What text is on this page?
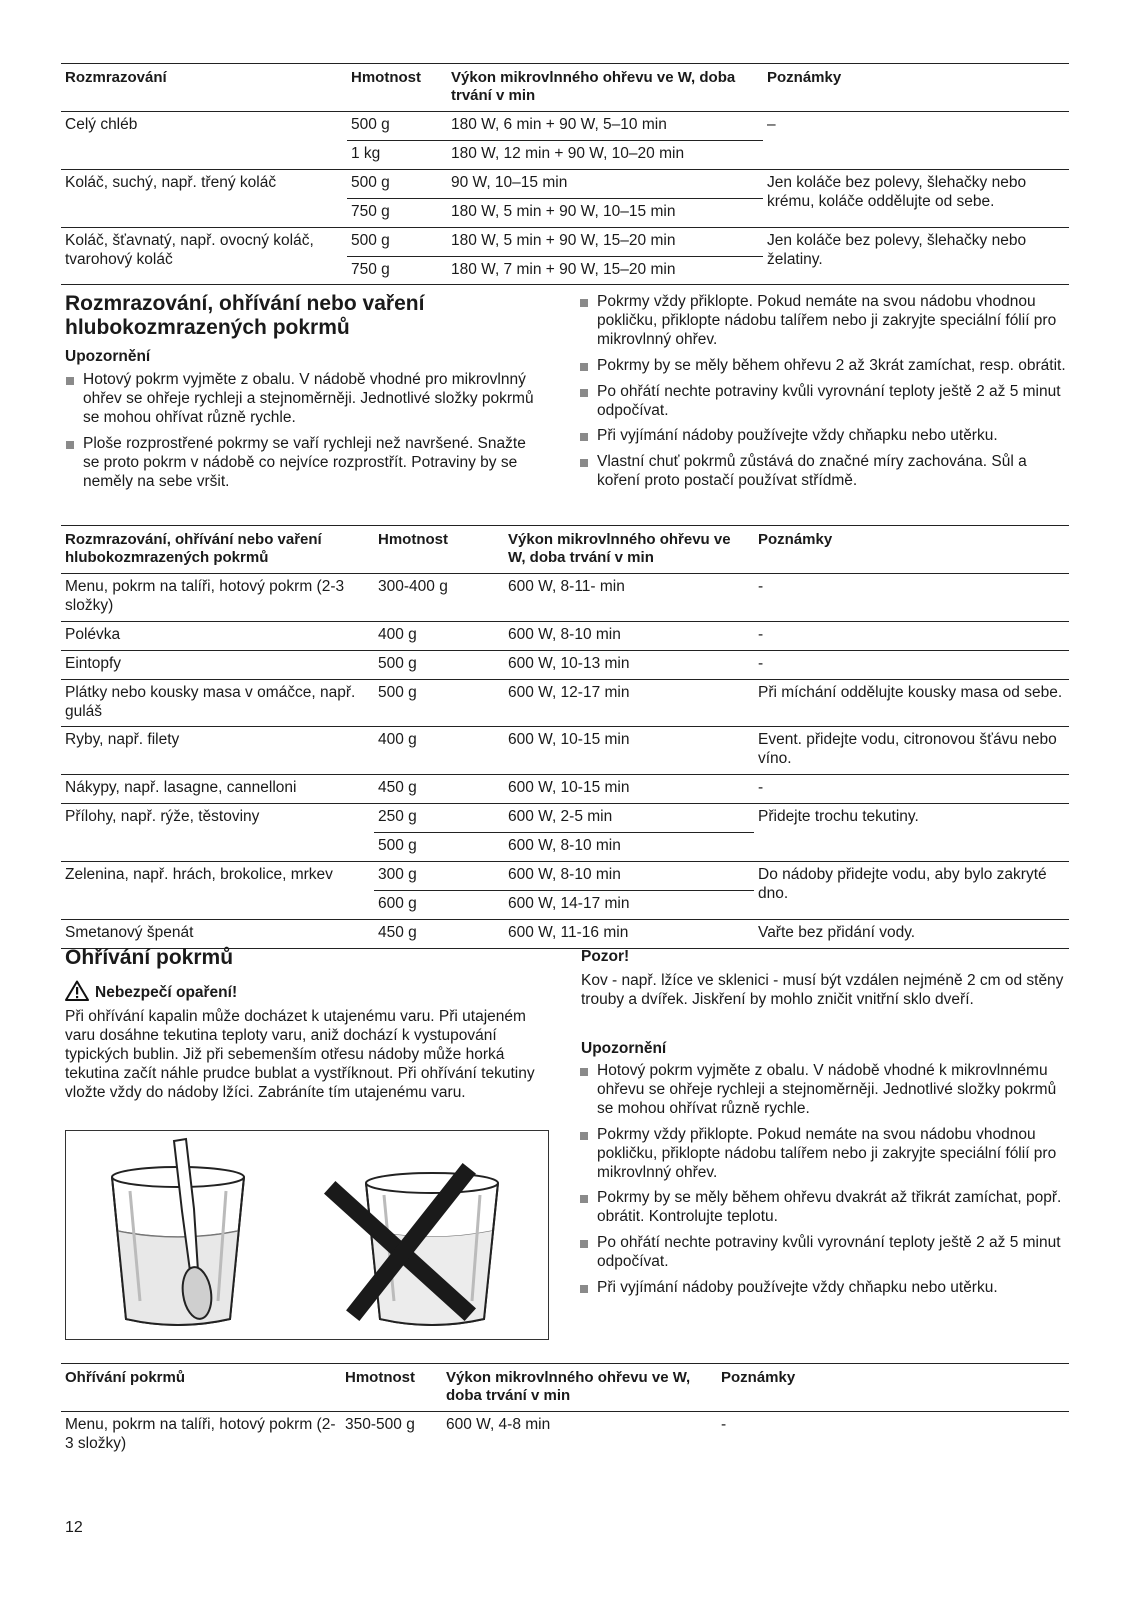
Rozmrazování	Hmotnost	Výkon mikrovlnného ohřevu ve W, doba trvání v min	Poznámky
Celý chléb	500 g	180 W, 6 min + 90 W, 5–10 min	–
	1 kg	180 W, 12 min + 90 W, 10–20 min	
Koláč, suchý, např. třený koláč	500 g	90 W, 10–15 min	Jen koláče bez polevy, šlehačky nebo krému, koláče oddělujte od sebe.
	750 g	180 W, 5 min + 90 W, 10–15 min	
Koláč, šťavnatý, např. ovocný koláč, tvarohový koláč	500 g	180 W, 5 min + 90 W, 15–20 min	Jen koláče bez polevy, šlehačky nebo želatiny.
	750 g	180 W, 7 min + 90 W, 15–20 min	
Rozmrazování, ohřívání nebo vaření hlubokozmrazených pokrmů
Upozornění
Hotový pokrm vyjměte z obalu. V nádobě vhodné pro mikrovlnný ohřev se ohřeje rychleji a stejnoměrněji. Jednotlivé složky pokrmů se mohou ohřívat různě rychle.
Ploše rozprostřené pokrmy se vaří rychleji než navršené. Snažte se proto pokrm v nádobě co nejvíce rozprostřít. Potraviny by se neměly na sebe vršit.
Pokrmy vždy přiklopte. Pokud nemáte na svou nádobu vhodnou pokličku, přiklopte nádobu talířem nebo ji zakryjte speciální fólií pro mikrovlnný ohřev.
Pokrmy by se měly během ohřevu 2 až 3krát zamíchat, resp. obrátit.
Po ohřátí nechte potraviny kvůli vyrovnání teploty ještě 2 až 5 minut odpočívat.
Při vyjímání nádoby používejte vždy chňapku nebo utěrku.
Vlastní chuť pokrmů zůstává do značné míry zachována. Sůl a koření proto postačí používat střídmě.
Rozmrazování, ohřívání nebo vaření hlubokozmrazených pokrmů	Hmotnost	Výkon mikrovlnného ohřevu ve W, doba trvání v min	Poznámky
Menu, pokrm na talíři, hotový pokrm (2-3 složky)	300-400 g	600 W, 8-11- min	-
Polévka	400 g	600 W, 8-10 min	-
Eintopfy	500 g	600 W, 10-13 min	-
Plátky nebo kousky masa v omáčce, např. guláš	500 g	600 W, 12-17 min	Při míchání oddělujte kousky masa od sebe.
Ryby, např. filety	400 g	600 W, 10-15 min	Event. přidejte vodu, citronovou šťávu nebo víno.
Nákypy, např. lasagne, cannelloni	450 g	600 W, 10-15 min	-
Přílohy, např. rýže, těstoviny	250 g	600 W, 2-5 min	Přidejte trochu tekutiny.
	500 g	600 W, 8-10 min	
Zelenina, např. hrách, brokolice, mrkev	300 g	600 W, 8-10 min	Do nádoby přidejte vodu, aby bylo zakryté dno.
	600 g	600 W, 14-17 min	
Smetanový špenát	450 g	600 W, 11-16 min	Vařte bez přidání vody.
Ohřívání pokrmů
Nebezpečí opaření!

Při ohřívání kapalin může docházet k utajenému varu. Při utajeném varu dosáhne tekutina teploty varu, aniž dochází k vystupování typických bublin. Již při sebemenším otřesu nádoby může horká tekutina začít náhle prudce bublat a vystříknout. Při ohřívání tekutiny vložte vždy do nádoby lžíci. Zabráníte tím utajenému varu.

Pozor!

Kov - např. lžíce ve sklenici - musí být vzdálen nejméně 2 cm od stěny trouby a dvířek. Jiskření by mohlo zničit vnitřní sklo dveří.

Upozornění
Hotový pokrm vyjměte z obalu. V nádobě vhodné k mikrovlnnému ohřevu se ohřeje rychleji a stejnoměrněji. Jednotlivé složky pokrmů se mohou ohřívat různě rychle.
Pokrmy vždy přiklopte. Pokud nemáte na svou nádobu vhodnou pokličku, přiklopte nádobu talířem nebo ji zakryjte speciální fólií pro mikrovlnný ohřev.
Pokrmy by se měly během ohřevu dvakrát až třikrát zamíchat, popř. obrátit. Kontrolujte teplotu.
Po ohřátí nechte potraviny kvůli vyrovnání teploty ještě 2 až 5 minut odpočívat.
Při vyjímání nádoby používejte vždy chňapku nebo utěrku.
Ohřívání pokrmů	Hmotnost	Výkon mikrovlnného ohřevu ve W, doba trvání v min	Poznámky
Menu, pokrm na talíři, hotový pokrm (2-3 složky)	350-500 g	600 W, 4-8 min	-
12
